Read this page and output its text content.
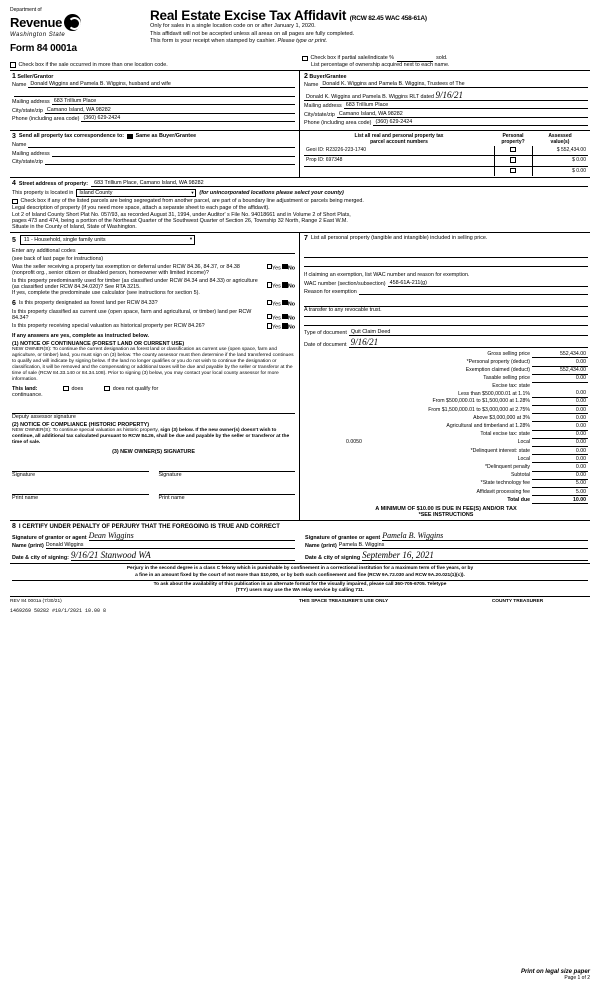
Department of
Revenue
Washington State
Form 84 0001a
Real Estate Excise Tax Affidavit (RCW 82.45 WAC 458-61A)
Only for sales in a single location code on or after January 1, 2020.
This affidavit will not be accepted unless all areas on all pages are fully completed.
This form is your receipt when stamped by cashier. Please type or print.
Check box if the sale occurred in more than one location code.
Check box if partial sale/indicate %	sold.
List percentage of ownership acquired next to each name.
1 Seller/Grantor
Name Donald Wiggins and Pamela B. Wiggins, husband and wife
Mailing address 683 Trillium Place
City/state/zip Camano Island, WA 98282
Phone (including area code) (360) 629-2424
2 Buyer/Grantee
Name Donald K. Wiggins and Pamela B. Wiggins, Trustees of The
Donald K. Wiggins and Pamela B. Wiggins RLT dated 9/16/21
Mailing address 683 Trillium Place
City/state/zip Camano Island, WA 98282
Phone (including area code) (360) 629-2424
3 Send all property tax correspondence to: Same as Buyer/Grantee
Name
Mailing address
City/state/zip
List all real and personal property tax
parcel account numbers

Personal
property?

Assessed
value(s)

Geoi ID: R23226-223-1740		$ 552,434.00
Prop ID: 697348		$ 0.00
		$ 0.00
4 Street address of property:	683 Trillium Place, Camano Island, WA 98282
This property is located in	Island County ▼	(for unincorporated locations please select your county)
Check box if any of the listed parcels are being segregated from another parcel, are part of a boundary line adjustment or parcels being merged.
Legal description of property (if you need more space, attach a separate sheet to each page of the affidavit).
Lot 2 of Island County Short Plat No. 057/93, as recorded August 31, 1994, under Auditor' s File No. 94018661 and in Volume 2 of Short Plats,
pages 473 and 474, being a portion of the Northeast Quarter of the Southwest Quarter of Section 26, Township 32 North, Range 2 East W.M.
Situate in the County of Island, State of Washington.
5	11 - Household, single family units ▼
Enter any additional codes
(see back of last page for instructions)
Was the seller receiving a property tax exemption or deferral under RCW 84.36, 84.37, or 84.38 (nonprofit org., senior citizen or disabled person, homeowner with limited income)?
Yes No
Is this property predominantly used for timber (as classified under RCW 84.34 and 84.33) or agriculture (as classified under RCW 84.34.020)? See RTA 3215.	Yes No
If yes, complete the predominate use calculator (see instructions for section 5).
6 Is this property designated as forest land per RCW 84.33?	Yes No
Is this property classified as current use (open space, farm and agricultural, or timber) land per RCW 84.34?	Yes No
Is this property receiving special valuation as historical property per RCW 84.26?	Yes No
If any answers are yes, complete as instructed below.
(1) NOTICE OF CONTINUANCE (FOREST LAND OR CURRENT USE)
NEW OWNER(S): To continue the current designation as forest land or classification as current use (open space, farm and agriculture, or timber) land, you must sign on (3) below. The county assessor must then determine if the land transferred continues to qualify and will indicate by signing below. If the land no longer qualifies or you do not wish to continue the designation or classification, it will be removed and the compensating or additional taxes will be due and payable by the seller or transferor at the time of sale (RCW 84.33.140 or 84.34.108). Prior to signing (3) below, you may contact your local county assessor for more information.
This land:	does	does not qualify for
continuance.
Deputy assessor signature
(2) NOTICE OF COMPLIANCE (HISTORIC PROPERTY)
NEW OWNER(S): To continue special valuation as historic property, sign (3) below. If the new owner(s) doesn't wish to continue, all additional tax calculated pursuant to RCW 84.26, shall be due and payable by the seller or transferor at the time of sale.
(3) NEW OWNER(S) SIGNATURE
Signature	Signature
Print name	Print name
7 List all personal property (tangible and intangible) included in selling price.
If claiming an exemption, list WAC number and reason for exemption.
WAC number (section/subsection) 458-61A-211(g)
Reason for exemption
A transfer to any revocable trust.
Type of document Quit Claim Deed
Date of document 9/16/21
Gross selling price	552,434.00
*Personal property (deduct)	0.00
Exemption claimed (deduct)	552,434.00
Taxable selling price	0.00
Excise tax: state	
Less than $500,000.01 at 1.1%	0.00
From $500,000.01 to $1,500,000 at 1.28%	0.00
From $1,500,000.01 to $3,000,000 at 2.75%	0.00
Above $3,000,000 at 3%	0.00
Agricultural and timberland at 1.28%	0.00
Total excise tax: state	0.00

0.0050 Local	0.00
*Delinquent interest: state	0.00
Local	0.00
*Delinquent penalty	0.00
Subtotal	0.00
*State technology fee	5.00
Affidavit processing fee	5.00
Total due	10.00
A MINIMUM OF $10.00 IS DUE IN FEE(S) AND/OR TAX
*SEE INSTRUCTIONS
8 I CERTIFY UNDER PENALTY OF PERJURY THAT THE FOREGOING IS TRUE AND CORRECT
Signature of grantor or agent Dean Wiggins
Name (print) Donald Wiggins
Date & city of signing: 9/16/21 Stanwood WA
Signature of grantee or agent Pamela B. Wiggins
Name (print) Pamela B. Wiggins
Date & city of signing September 16, 2021
Perjury in the second degree is a class C felony which is punishable by confinement in a correctional institution for a maximum term of five years, or by
a fine in an amount fixed by the court of not more than $10,000, or by both such confinement and fine (RCW 9A.72.030 and RCW 9A.20.021(1)(c)).
To ask about the availability of this publication in an alternate format for the visually impaired, please call 360-705-6705. Teletype
(TTY) users may use the WA relay service by calling 711.
REV 84 0001a (7/30/21)
1469269 50282 #10/1/2021 10.00 8
THIS SPACE TREASURER'S USE ONLY	COUNTY TREASURER
Print on legal size paper
Page 1 of 2
